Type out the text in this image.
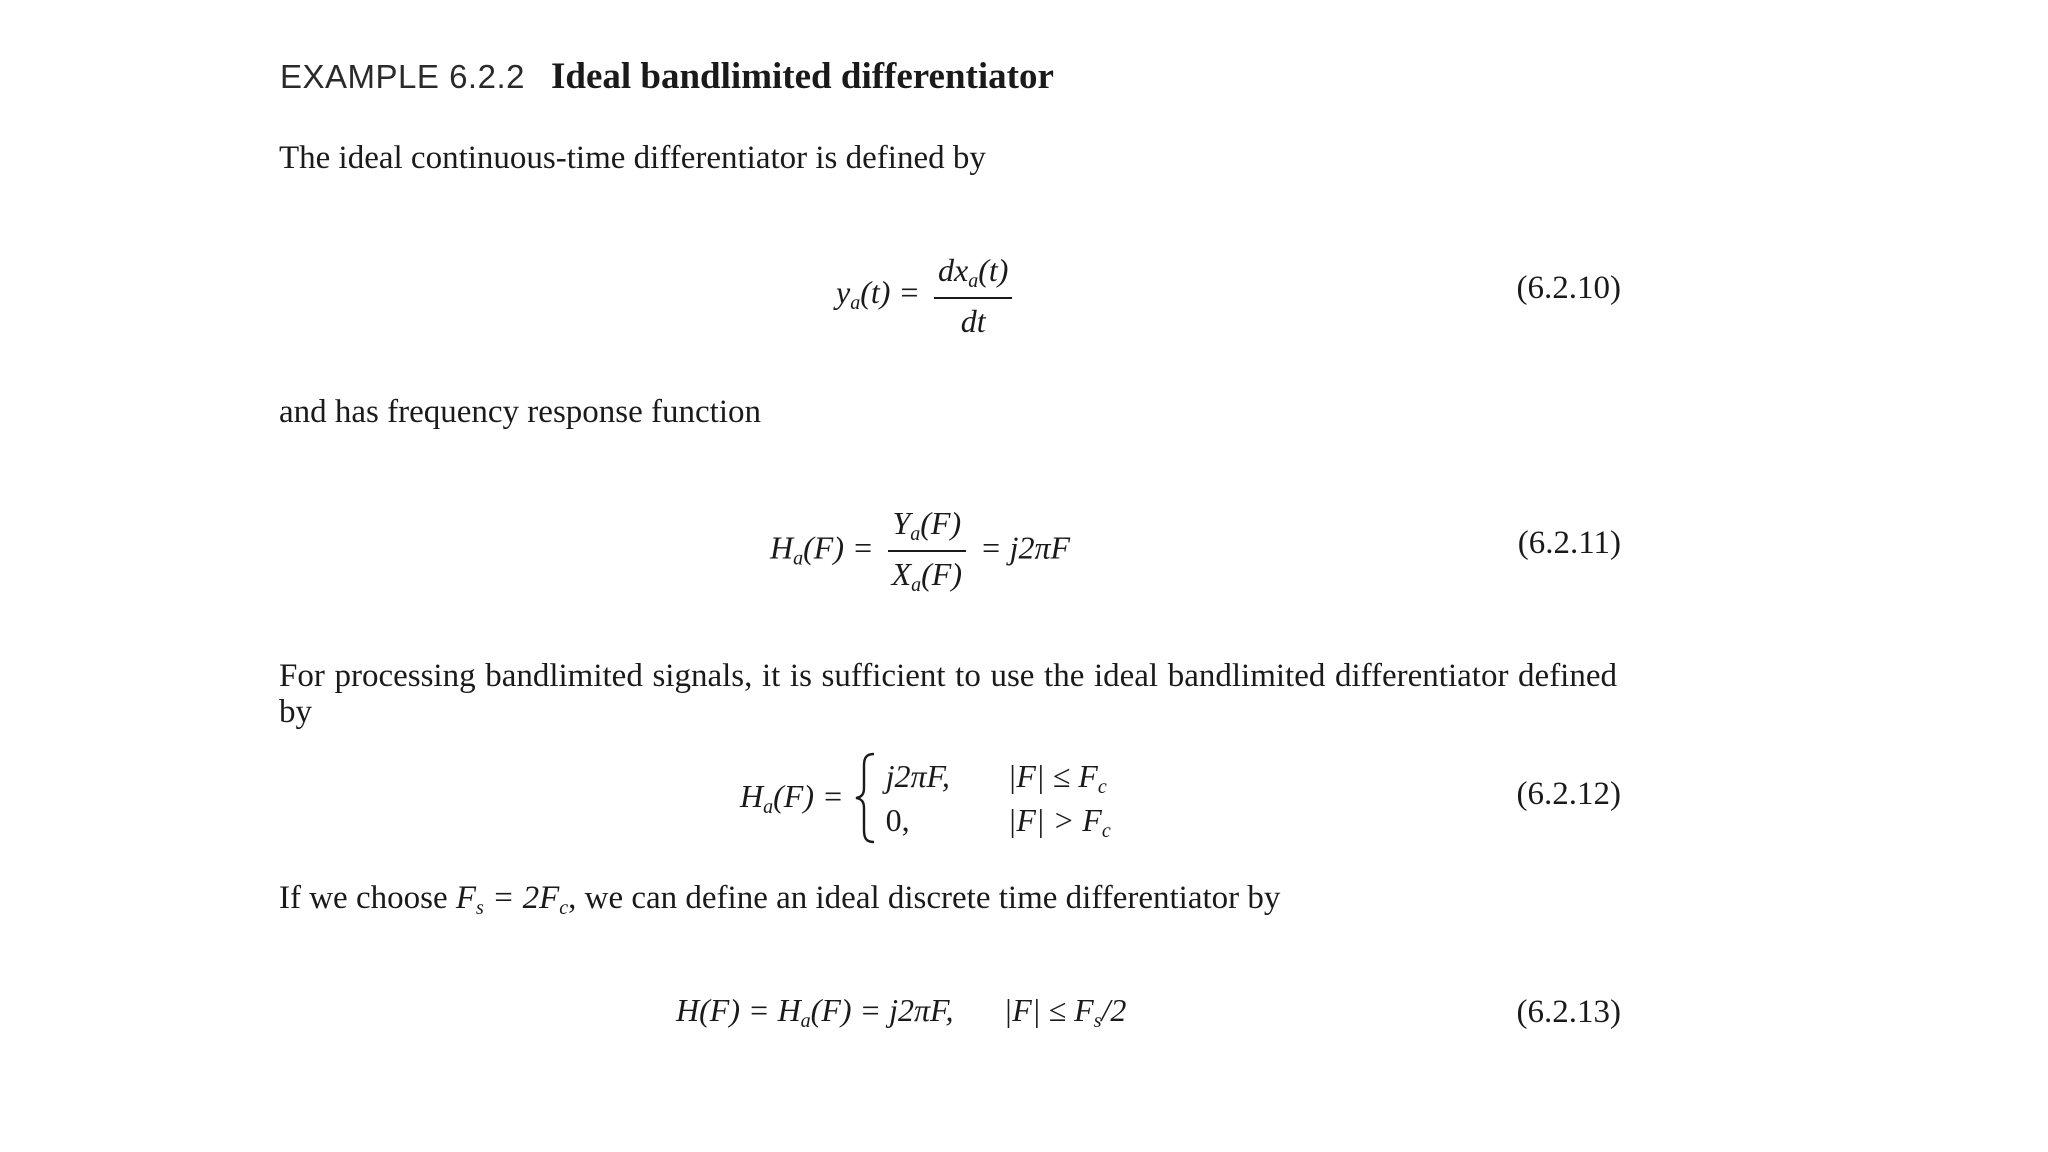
EXAMPLE 6.2.2 Ideal bandlimited differentiator
The ideal continuous-time differentiator is defined by
$y_a(t) = \frac{dx_a(t)}{dt}$	(6.2.10)
and has frequency response function
$H_a(F) = \frac{Y_a(F)}{X_a(F)} = j2\pi F$	(6.2.11)
For processing bandlimited signals, it is sufficient to use the ideal bandlimited differentiator defined by
$H_a(F)$ =

j2πF, $|F| \le F_c$
0,	$|F| > F_c$
(6.2.12)
If we choose $F_s = 2F_c$, we can define an ideal discrete time differentiator by
$H(F) = H_a(F) = j2\pi F$, $|F| \le F_s/2$	(6.2.13)
